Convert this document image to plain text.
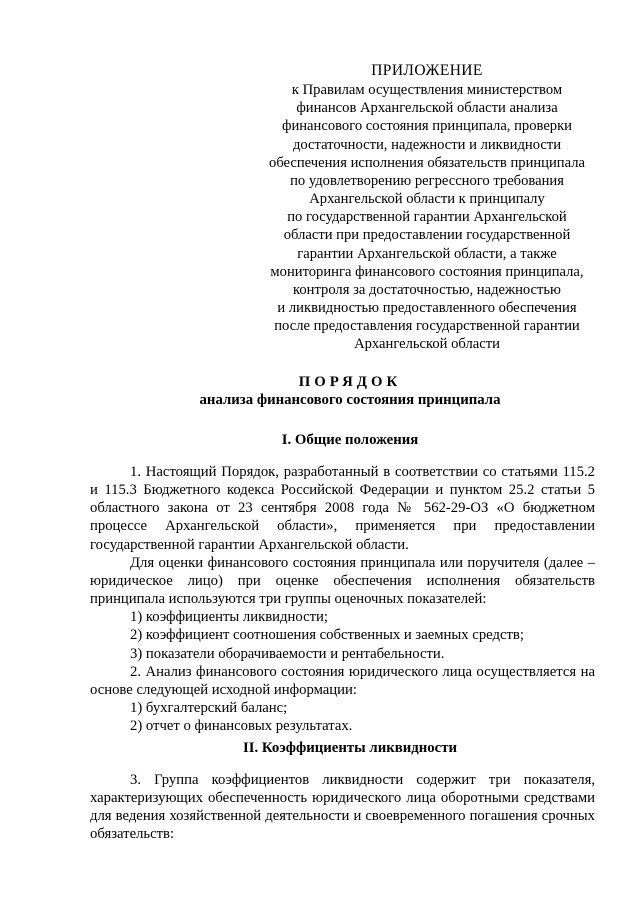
ПРИЛОЖЕНИЕ
к Правилам осуществления министерством
финансов Архангельской области анализа
финансового состояния принципала, проверки
достаточности, надежности и ликвидности
обеспечения исполнения обязательств принципала
по удовлетворению регрессного требования
Архангельской области к принципалу
по государственной гарантии Архангельской
области при предоставлении государственной
гарантии Архангельской области, а также
мониторинга финансового состояния принципала,
контроля за достаточностью, надежностью
и ликвидностью предоставленного обеспечения
после предоставления государственной гарантии
Архангельской области
ПОРЯДОК
анализа финансового состояния принципала
I. Общие положения

1. Настоящий Порядок, разработанный в соответствии со статьями 115.2 и 115.3 Бюджетного кодекса Российской Федерации и пунктом 25.2 статьи 5 областного закона от 23 сентября 2008 года № 562-29-ОЗ «О бюджетном процессе Архангельской области», применяется при предоставлении государственной гарантии Архангельской области.

Для оценки финансового состояния принципала или поручителя (далее – юридическое лицо) при оценке обеспечения исполнения обязательств принципала используются три группы оценочных показателей:

1) коэффициенты ликвидности;
2) коэффициент соотношения собственных и заемных средств;
3) показатели оборачиваемости и рентабельности.

2. Анализ финансового состояния юридического лица осуществляется на основе следующей исходной информации:

1) бухгалтерский баланс;
2) отчет о финансовых результатах.
II. Коэффициенты ликвидности

3. Группа коэффициентов ликвидности содержит три показателя, характеризующих обеспеченность юридического лица оборотными средствами для ведения хозяйственной деятельности и своевременного погашения срочных обязательств:
